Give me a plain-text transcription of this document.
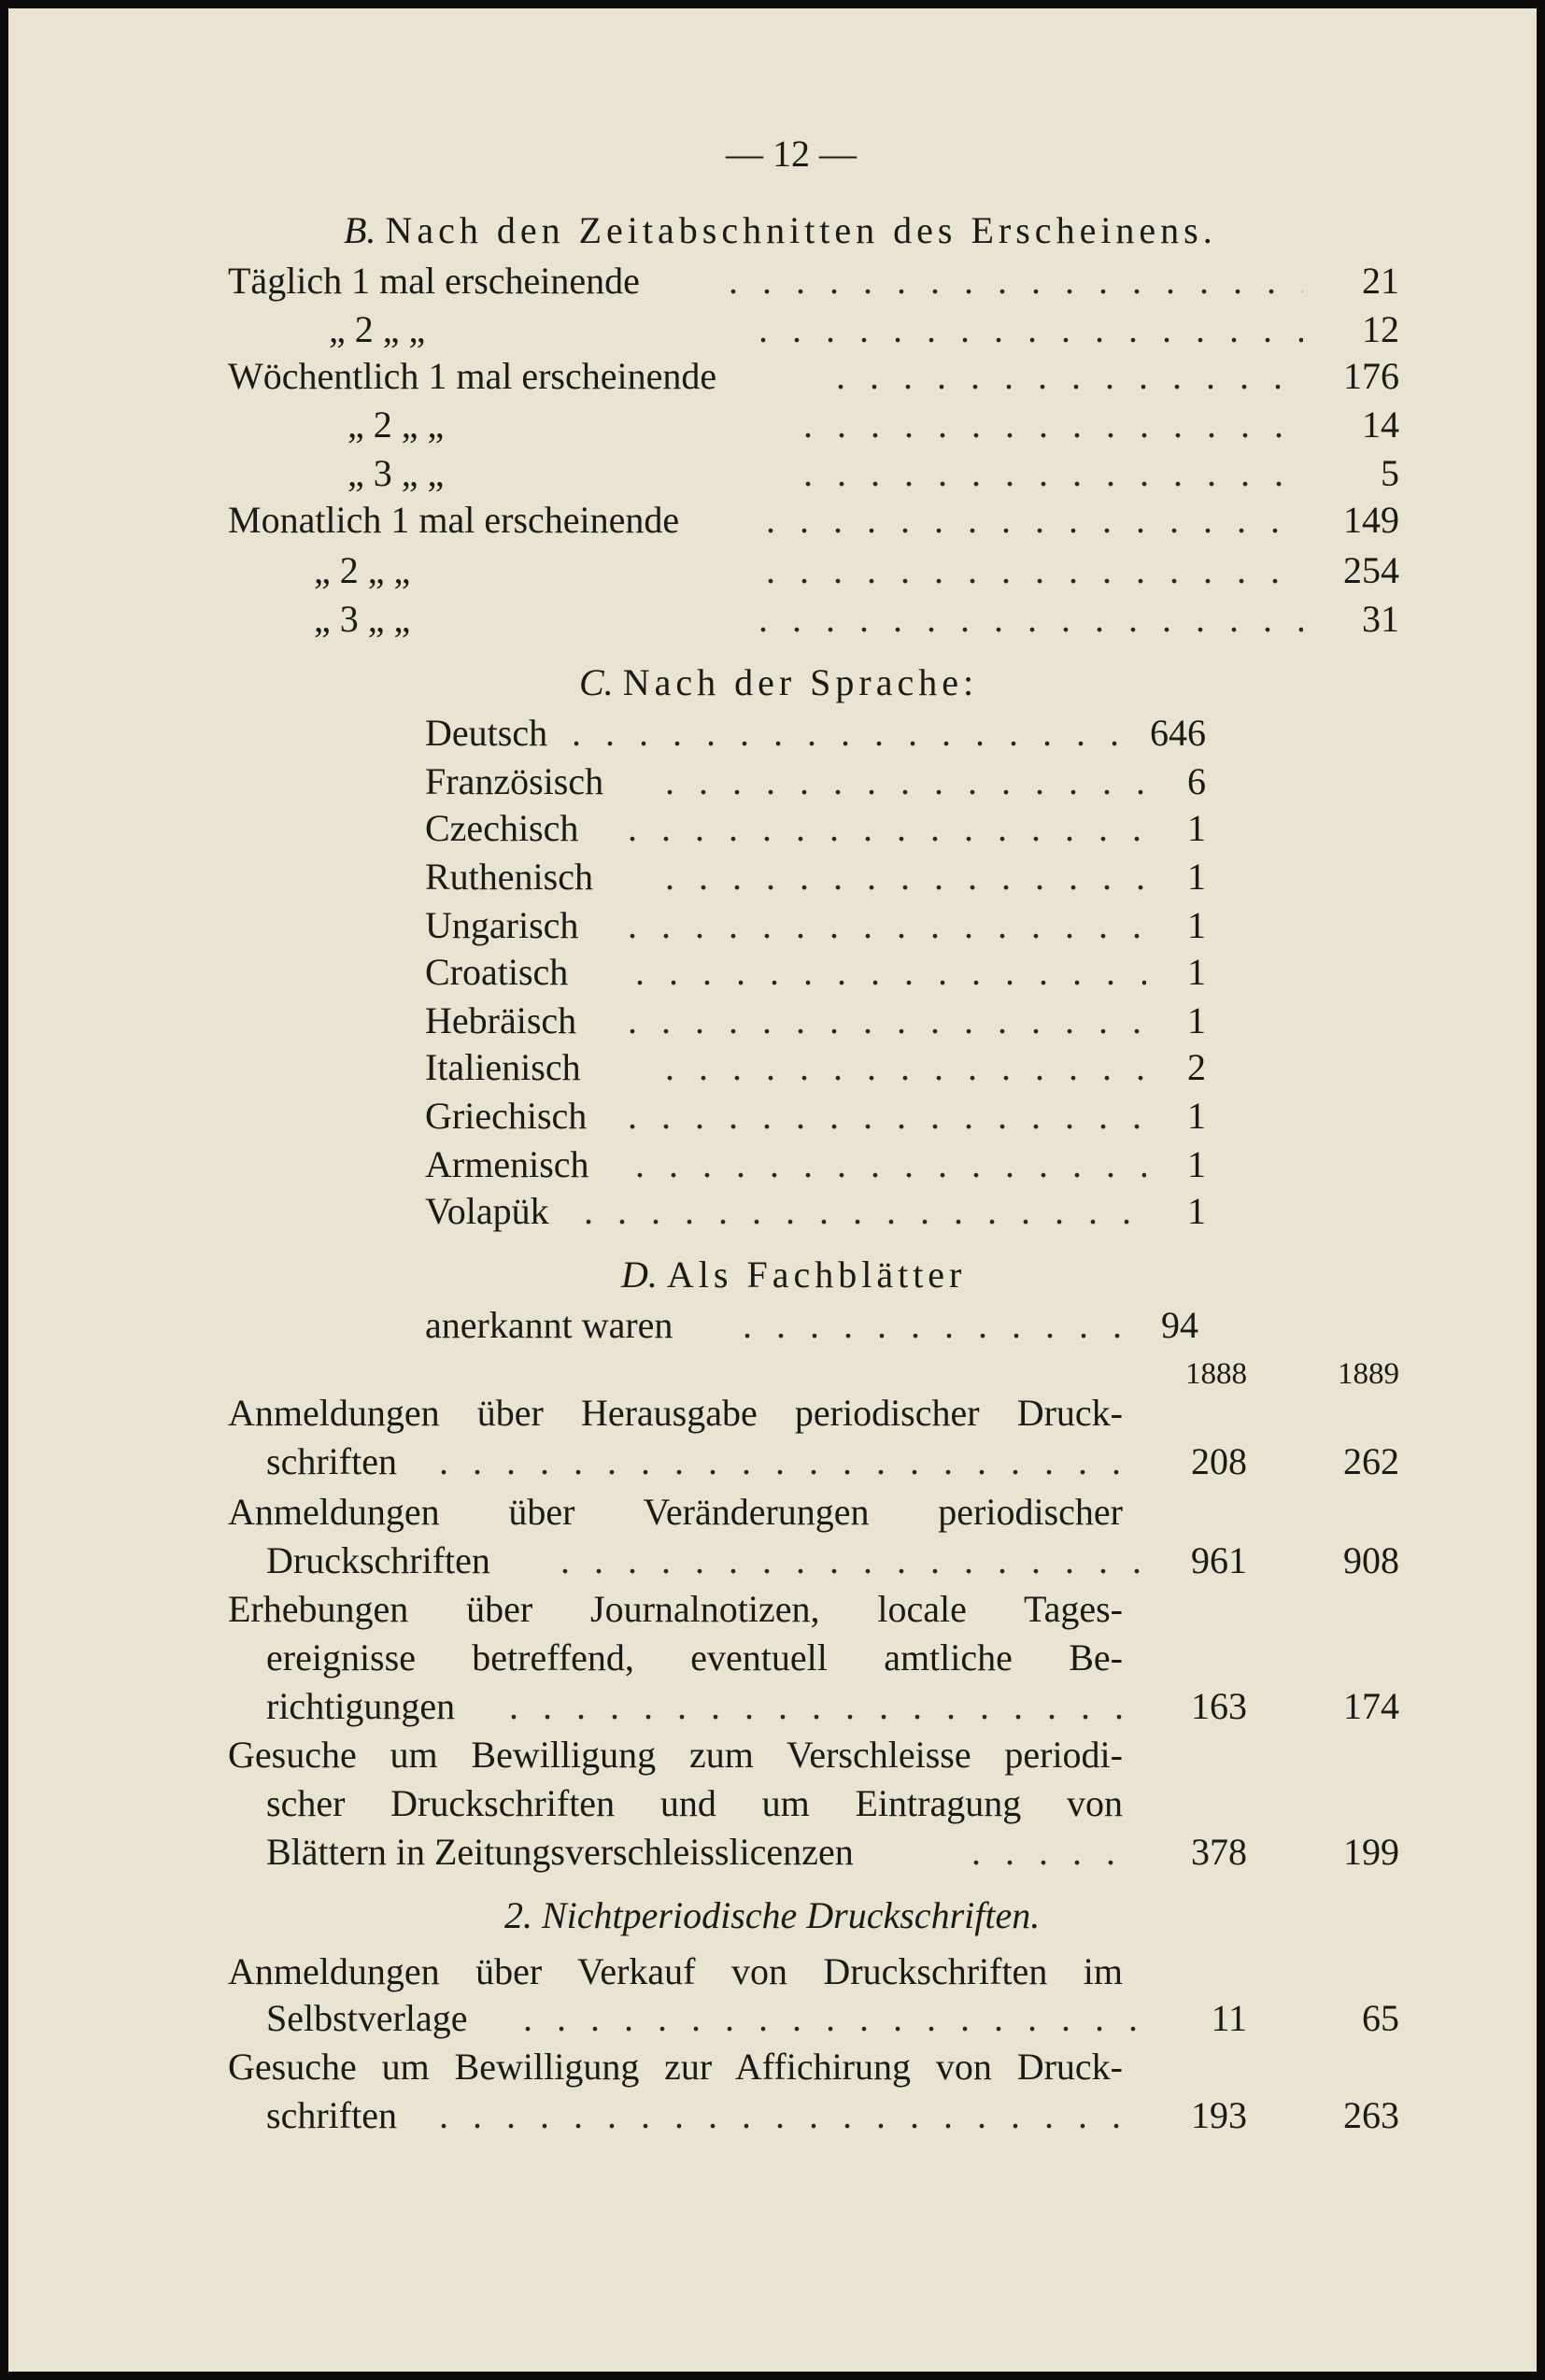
— 12 —
B. Nach den Zeitabschnitten des Erscheinens.
Täglich 1 mal erscheinende . . .	21
„ 2 „ „ . . .	12
Wöchentlich 1 mal erscheinende . . .	176
„ 2 „ „ . . .	14
„ 3 „ „ . . .	5
Monatlich 1 mal erscheinende . . .	149
„ 2 „ „ . . .	254
„ 3 „ „ . . .	31
C. Nach der Sprache:
Deutsch . . .	646
Französisch . . .	6
Czechisch . . .	1
Ruthenisch . . .	1
Ungarisch . . .	1
Croatisch . . .	1
Hebräisch . . .	1
Italienisch . . .	2
Griechisch . . .	1
Armenisch . . .	1
Volapük . . .	1
D. Als Fachblätter
anerkannt waren . . .	94
1888	1889
Anmeldungen über Herausgabe periodischer Druck-
schriften . . .	208	262
Anmeldungen über Veränderungen periodischer
Druckschriften . . .	961	908
Erhebungen über Journalnotizen, locale Tages-
ereignisse betreffend, eventuell amtliche Be-
richtigungen . . .	163	174
Gesuche um Bewilligung zum Verschleisse periodi-
scher Druckschriften und um Eintragung von
Blättern in Zeitungsverschleisslicenzen . . .	378	199
2. Nichtperiodische Druckschriften.
Anmeldungen über Verkauf von Druckschriften im
Selbstverlage . . .	11	65
Gesuche um Bewilligung zur Affichirung von Druck-
schriften . . .	193	263
